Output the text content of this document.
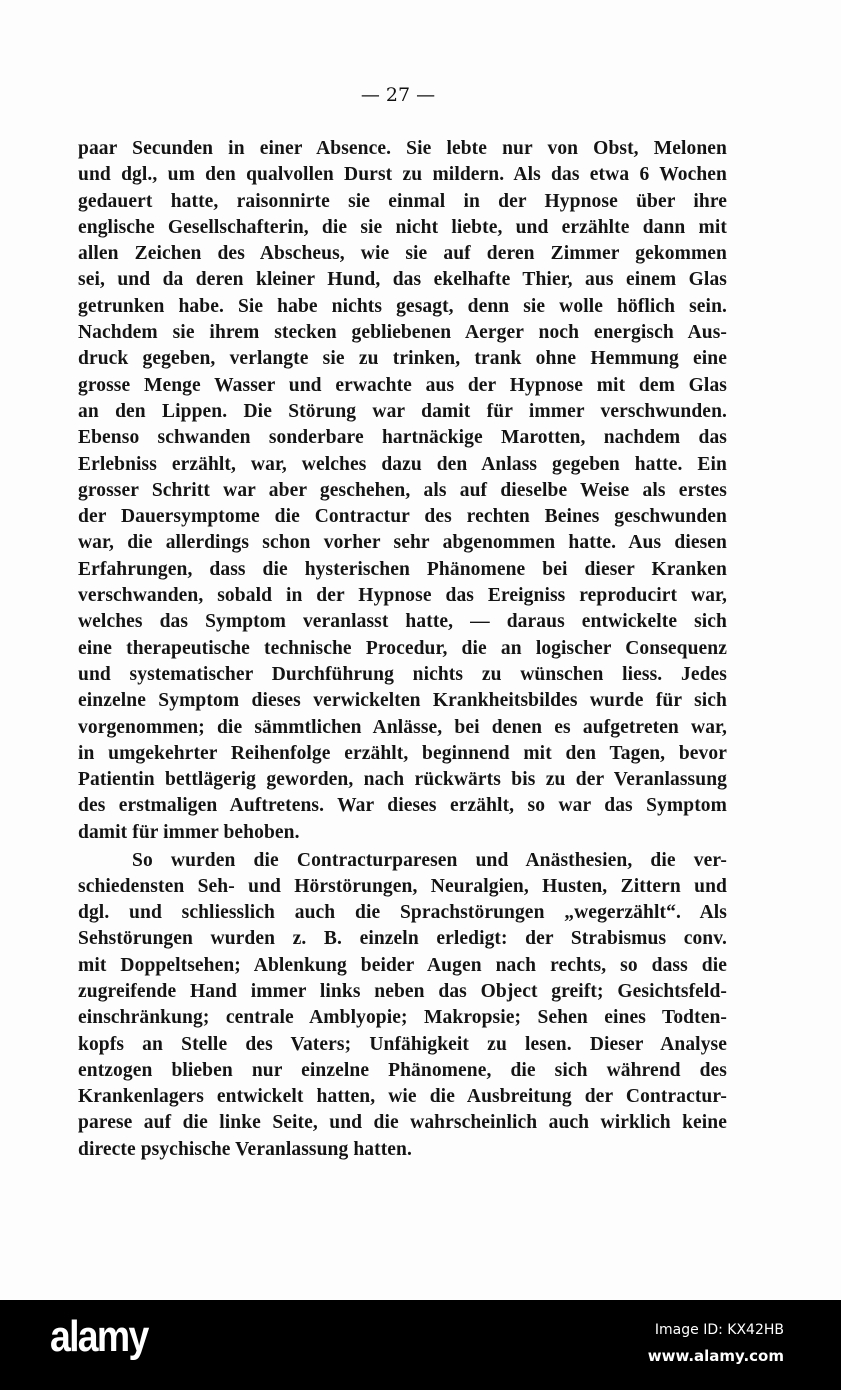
— 27 —
paar Secunden in einer Absence. Sie lebte nur von Obst, Melonen
und dgl., um den qualvollen Durst zu mildern. Als das etwa 6 Wochen
gedauert hatte, raisonnirte sie einmal in der Hypnose über ihre
englische Gesellschafterin, die sie nicht liebte, und erzählte dann mit
allen Zeichen des Abscheus, wie sie auf deren Zimmer gekommen
sei, und da deren kleiner Hund, das ekelhafte Thier, aus einem Glas
getrunken habe. Sie habe nichts gesagt, denn sie wolle höflich sein.
Nachdem sie ihrem stecken gebliebenen Aerger noch energisch Aus-
druck gegeben, verlangte sie zu trinken, trank ohne Hemmung eine
grosse Menge Wasser und erwachte aus der Hypnose mit dem Glas
an den Lippen. Die Störung war damit für immer verschwunden.
Ebenso schwanden sonderbare hartnäckige Marotten, nachdem das
Erlebniss erzählt, war, welches dazu den Anlass gegeben hatte. Ein
grosser Schritt war aber geschehen, als auf dieselbe Weise als erstes
der Dauersymptome die Contractur des rechten Beines geschwunden
war, die allerdings schon vorher sehr abgenommen hatte. Aus diesen
Erfahrungen, dass die hysterischen Phänomene bei dieser Kranken
verschwanden, sobald in der Hypnose das Ereigniss reproducirt war,
welches das Symptom veranlasst hatte, — daraus entwickelte sich
eine therapeutische technische Procedur, die an logischer Consequenz
und systematischer Durchführung nichts zu wünschen liess. Jedes
einzelne Symptom dieses verwickelten Krankheitsbildes wurde für sich
vorgenommen; die sämmtlichen Anlässe, bei denen es aufgetreten war,
in umgekehrter Reihenfolge erzählt, beginnend mit den Tagen, bevor
Patientin bettlägerig geworden, nach rückwärts bis zu der Veranlassung
des erstmaligen Auftretens. War dieses erzählt, so war das Symptom
damit für immer behoben.
So wurden die Contracturparesen und Anästhesien, die ver-
schiedensten Seh- und Hörstörungen, Neuralgien, Husten, Zittern und
dgl. und schliesslich auch die Sprachstörungen „wegerzählt“. Als
Sehstörungen wurden z. B. einzeln erledigt: der Strabismus conv.
mit Doppeltsehen; Ablenkung beider Augen nach rechts, so dass die
zugreifende Hand immer links neben das Object greift; Gesichtsfeld-
einschränkung; centrale Amblyopie; Makropsie; Sehen eines Todten-
kopfs an Stelle des Vaters; Unfähigkeit zu lesen. Dieser Analyse
entzogen blieben nur einzelne Phänomene, die sich während des
Krankenlagers entwickelt hatten, wie die Ausbreitung der Contractur-
parese auf die linke Seite, und die wahrscheinlich auch wirklich keine
directe psychische Veranlassung hatten.
alamy	Image ID: KX42HB
www.alamy.com
